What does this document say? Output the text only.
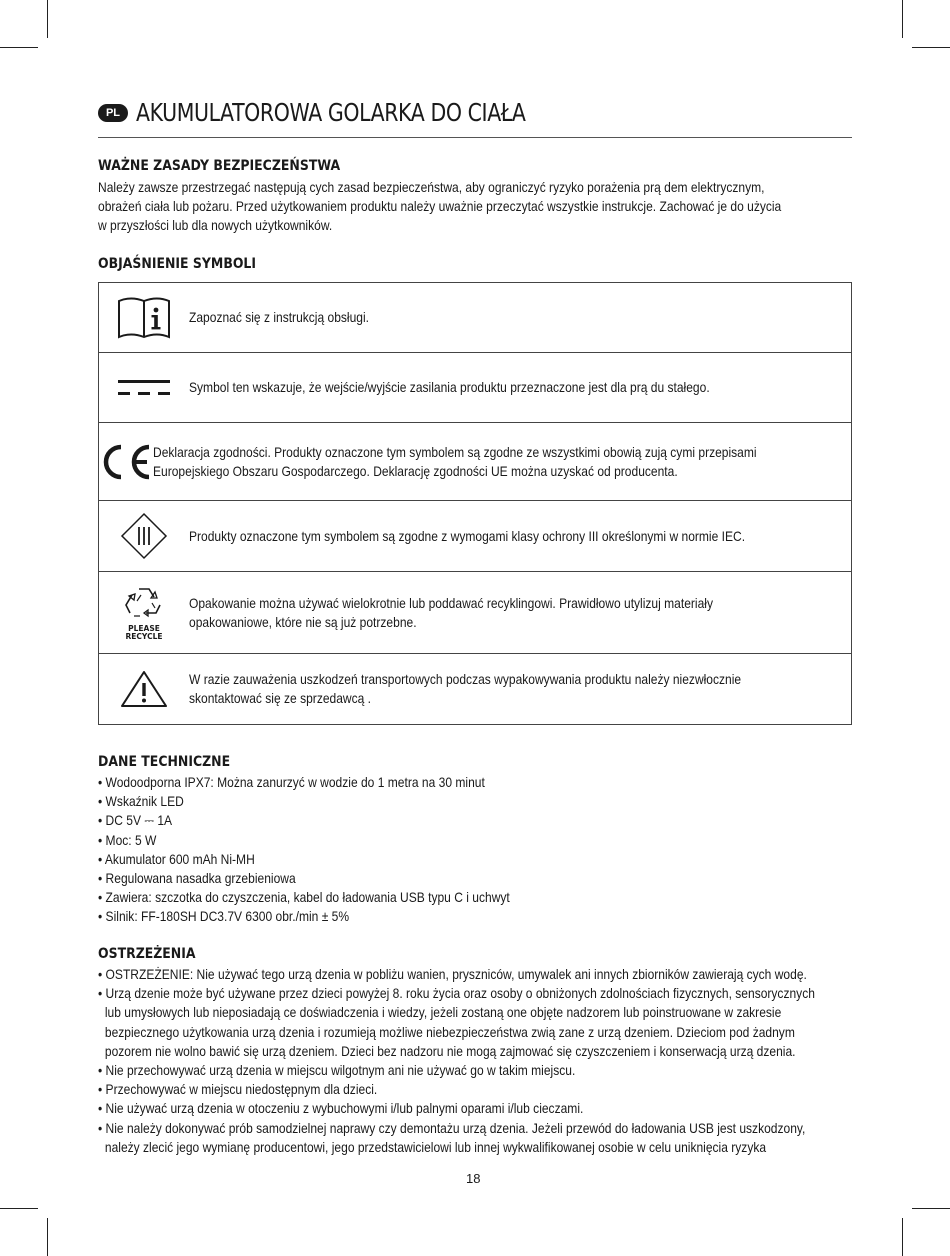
PL AKUMULATOROWA GOLARKA DO CIAŁA
WAŻNE ZASADY BEZPIECZEŃSTWA
Należy zawsze przestrzegać następują cych zasad bezpieczeństwa, aby ograniczyć ryzyko porażenia prą dem elektrycznym,
obrażeń ciała lub pożaru. Przed użytkowaniem produktu należy uważnie przeczytać wszystkie instrukcje. Zachować je do użycia
w przyszłości lub dla nowych użytkowników.
OBJAŚNIENIE SYMBOLI
Zapoznać się z instrukcją obsługi.
Symbol ten wskazuje, że wejście/wyjście zasilania produktu przeznaczone jest dla prą du stałego.
Deklaracja zgodności. Produkty oznaczone tym symbolem są zgodne ze wszystkimi obowią zują cymi przepisami
Europejskiego Obszaru Gospodarczego. Deklarację zgodności UE można uzyskać od producenta.
Produkty oznaczone tym symbolem są zgodne z wymogami klasy ochrony III określonymi w normie IEC.
PLEASE
RECYCLE
Opakowanie można używać wielokrotnie lub poddawać recyklingowi. Prawidłowo utylizuj materiały
opakowaniowe, które nie są już potrzebne.
W razie zauważenia uszkodzeń transportowych podczas wypakowywania produktu należy niezwłocznie
skontaktować się ze sprzedawcą .
DANE TECHNICZNE
• Wodoodporna IPX7: Można zanurzyć w wodzie do 1 metra na 30 minut
• Wskaźnik LED
• DC 5V ⎓ 1A
• Moc: 5 W
• Akumulator 600 mAh Ni-MH
• Regulowana nasadka grzebieniowa
• Zawiera: szczotka do czyszczenia, kabel do ładowania USB typu C i uchwyt
• Silnik: FF-180SH DC3.7V 6300 obr./min ± 5%
OSTRZEŻENIA
• OSTRZEŻENIE: Nie używać tego urzą dzenia w pobliżu wanien, pryszniców, umywalek ani innych zbiorników zawierają cych wodę.
• Urzą dzenie może być używane przez dzieci powyżej 8. roku życia oraz osoby o obniżonych zdolnościach fizycznych, sensorycznych
lub umysłowych lub nieposiadają ce doświadczenia i wiedzy, jeżeli zostaną one objęte nadzorem lub poinstruowane w zakresie
bezpiecznego użytkowania urzą dzenia i rozumieją możliwe niebezpieczeństwa zwią zane z urzą dzeniem. Dzieciom pod żadnym
pozorem nie wolno bawić się urzą dzeniem. Dzieci bez nadzoru nie mogą zajmować się czyszczeniem i konserwacją urzą dzenia.
• Nie przechowywać urzą dzenia w miejscu wilgotnym ani nie używać go w takim miejscu.
• Przechowywać w miejscu niedostępnym dla dzieci.
• Nie używać urzą dzenia w otoczeniu z wybuchowymi i/lub palnymi oparami i/lub cieczami.
• Nie należy dokonywać prób samodzielnej naprawy czy demontażu urzą dzenia. Jeżeli przewód do ładowania USB jest uszkodzony,
należy zlecić jego wymianę producentowi, jego przedstawicielowi lub innej wykwalifikowanej osobie w celu uniknięcia ryzyka
18
